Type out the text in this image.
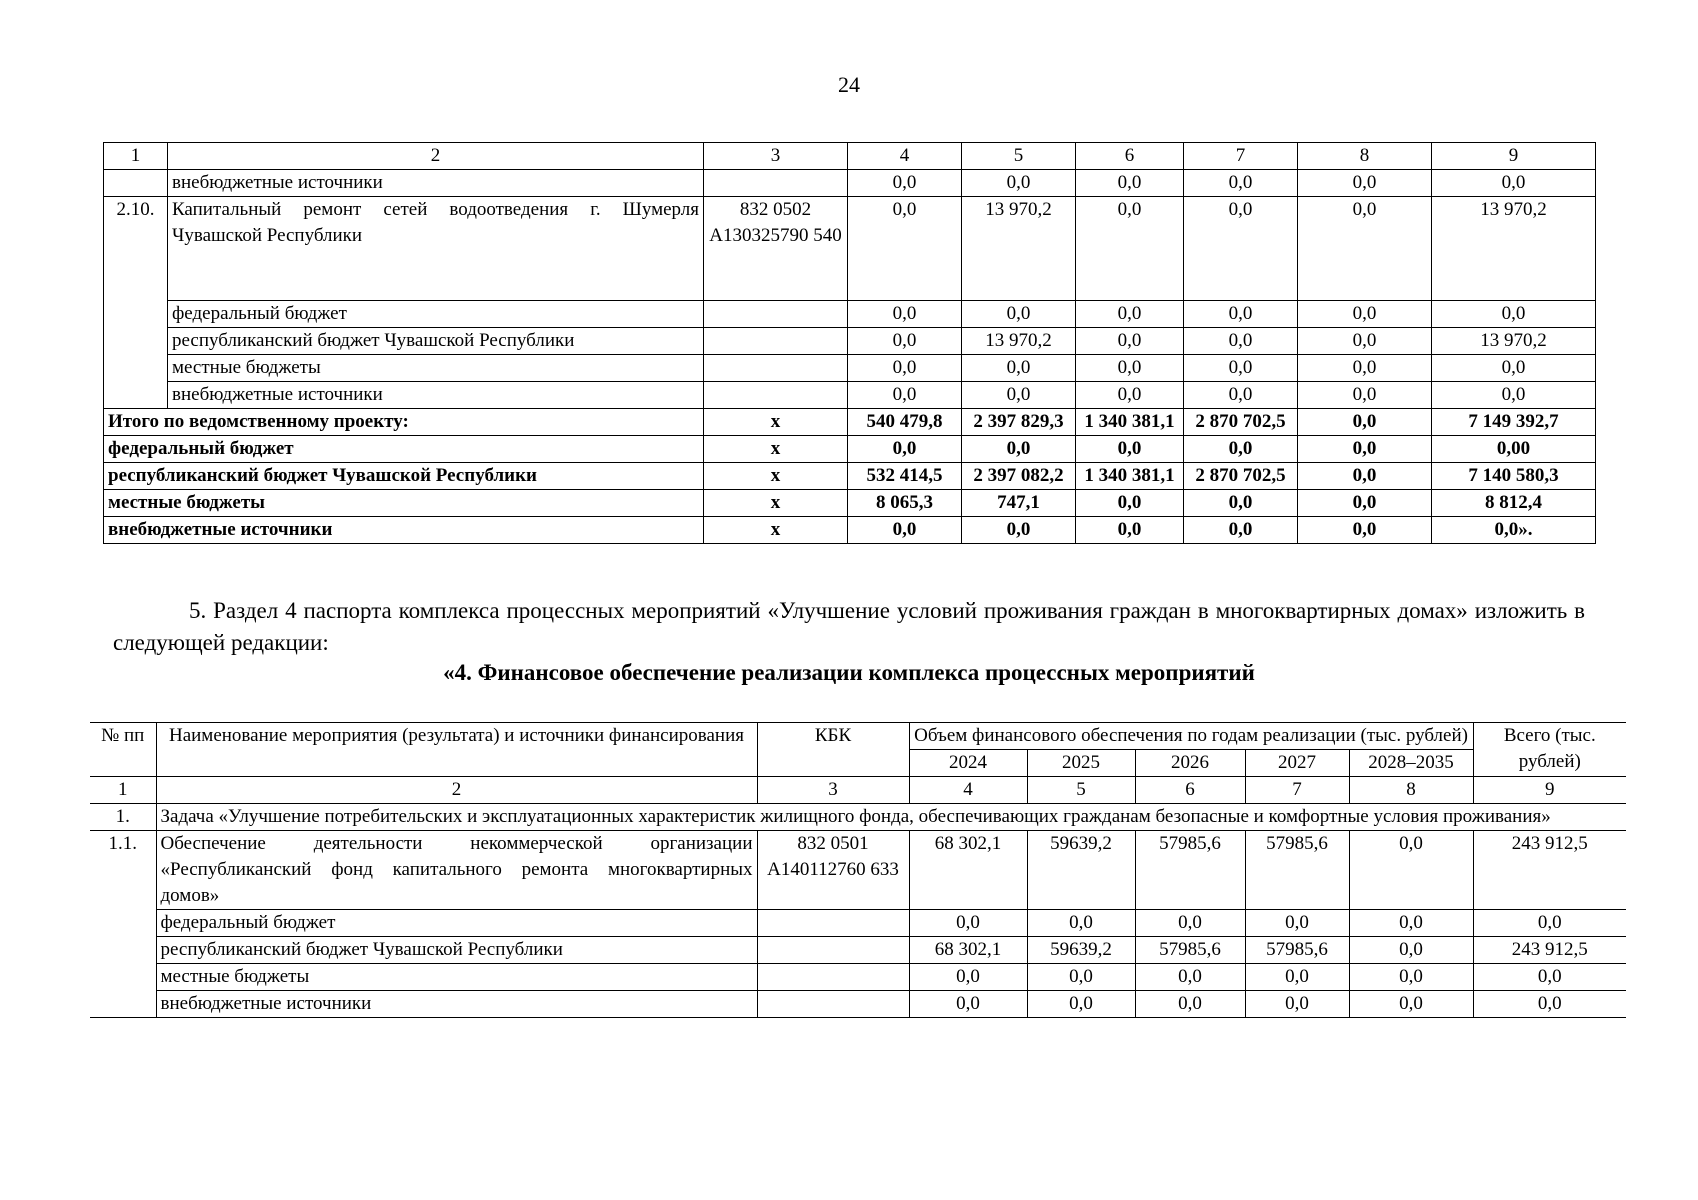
24
1	2	3	4	5	6	7	8	9
	внебюджетные источники		0,0	0,0	0,0	0,0	0,0	0,0
2.10.	Капитальный ремонт сетей водоотведения г. Шумерля Чувашской Республики	832 0502 А130325790 540	0,0	13 970,2	0,0	0,0	0,0	13 970,2
	федеральный бюджет		0,0	0,0	0,0	0,0	0,0	0,0
	республиканский бюджет Чувашской Республики		0,0	13 970,2	0,0	0,0	0,0	13 970,2
	местные бюджеты		0,0	0,0	0,0	0,0	0,0	0,0
	внебюджетные источники		0,0	0,0	0,0	0,0	0,0	0,0
Итого по ведомственному проекту:		х	540 479,8	2 397 829,3	1 340 381,1	2 870 702,5	0,0	7 149 392,7
федеральный бюджет		х	0,0	0,0	0,0	0,0	0,0	0,00
республиканский бюджет Чувашской Республики		х	532 414,5	2 397 082,2	1 340 381,1	2 870 702,5	0,0	7 140 580,3
местные бюджеты		х	8 065,3	747,1	0,0	0,0	0,0	8 812,4
внебюджетные источники		х	0,0	0,0	0,0	0,0	0,0	0,0».

5. Раздел 4 паспорта комплекса процессных мероприятий «Улучшение условий проживания граждан в многоквартирных домах» изложить в следующей редакции:

«4. Финансовое обеспечение реализации комплекса процессных мероприятий
№ пп	Наименование мероприятия (результата) и источники финансирования	КБК	Объем финансового обеспечения по годам реализации (тыс. рублей)					Всего (тыс. рублей)
			2024	2025	2026	2027	2028–2035	
1	2	3	4	5	6	7	8	9
1.	Задача «Улучшение потребительских и эксплуатационных характеристик жилищного фонда, обеспечивающих гражданам безопасные и комфортные условия проживания»							
1.1.	Обеспечение деятельности некоммерческой организации «Республиканский фонд капитального ремонта многоквартирных домов»	832 0501 А140112760 633	68 302,1	59639,2	57985,6	57985,6	0,0	243 912,5
	федеральный бюджет		0,0	0,0	0,0	0,0	0,0	0,0
	республиканский бюджет Чувашской Республики		68 302,1	59639,2	57985,6	57985,6	0,0	243 912,5
	местные бюджеты		0,0	0,0	0,0	0,0	0,0	0,0
	внебюджетные источники		0,0	0,0	0,0	0,0	0,0	0,0
